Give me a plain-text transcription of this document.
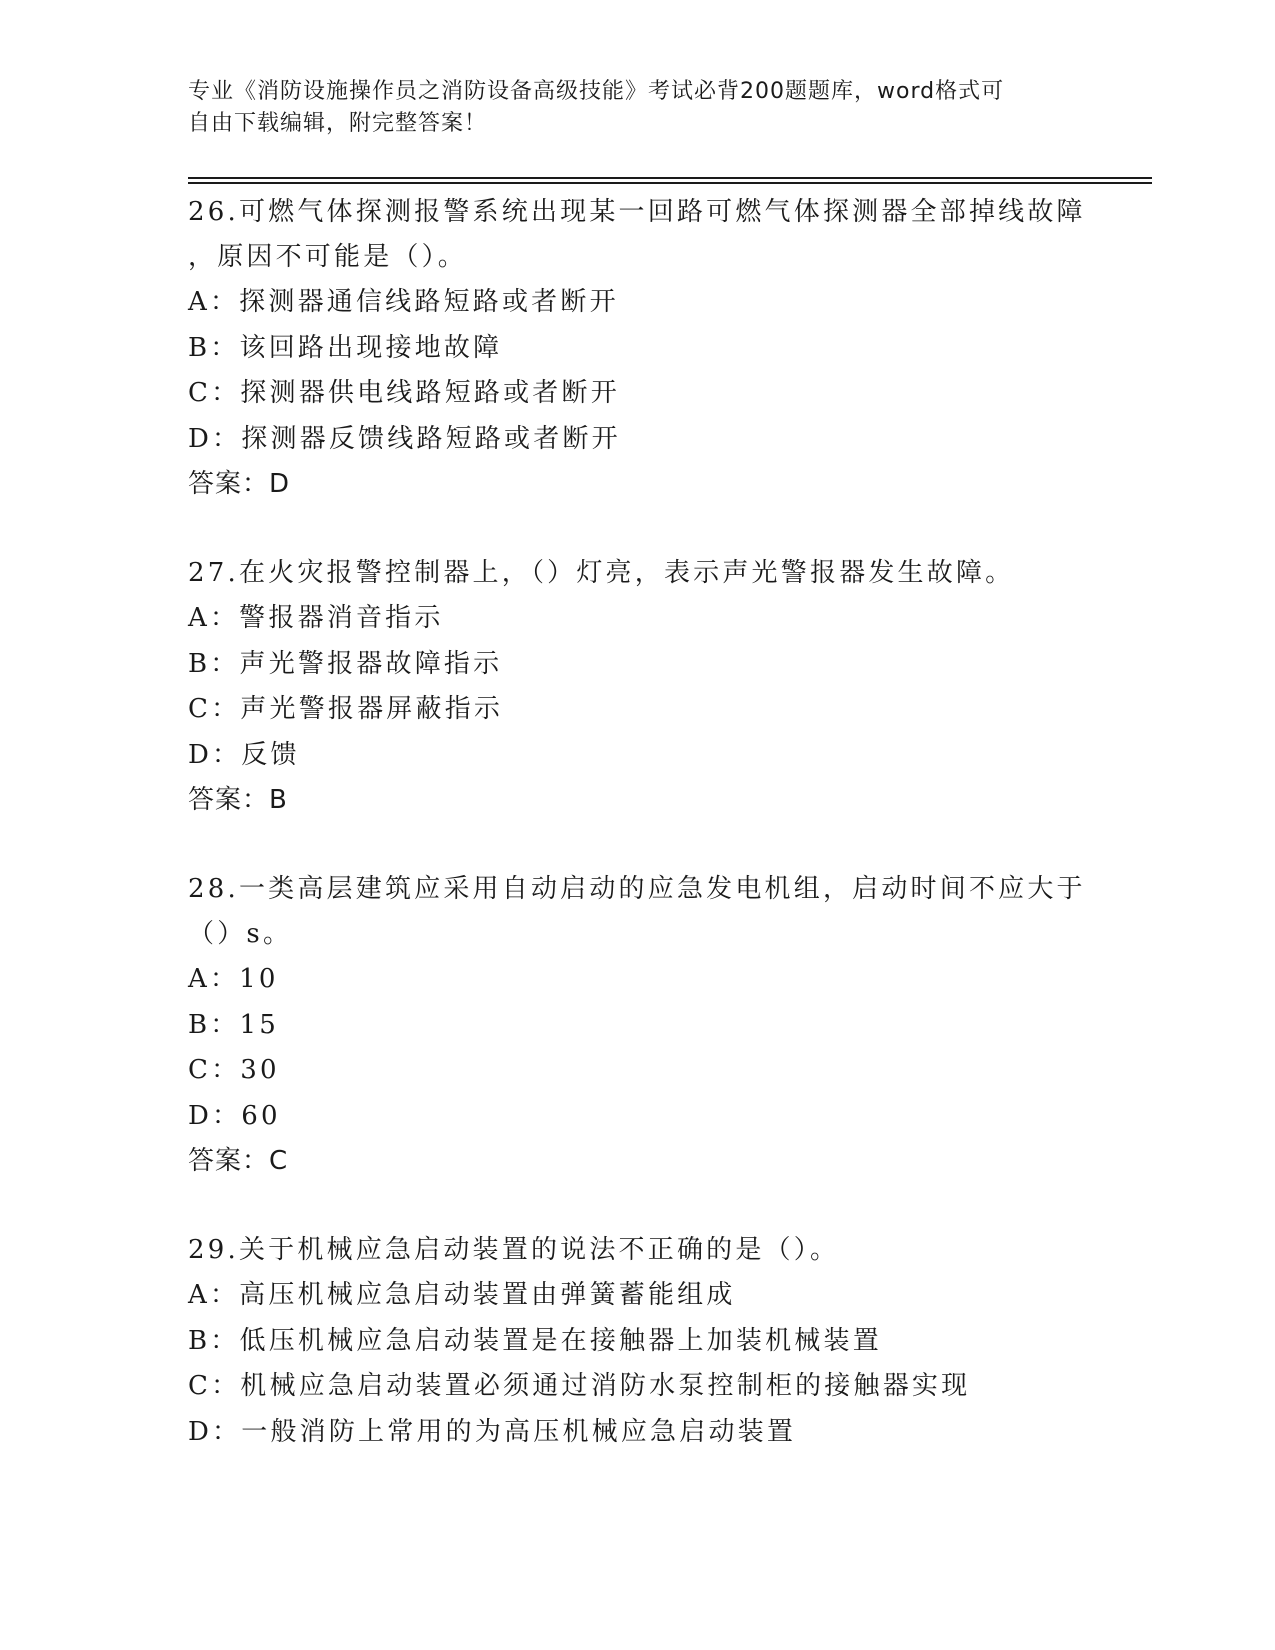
专业《消防设施操作员之消防设备高级技能》考试必背200题题库，word格式可
自由下载编辑，附完整答案！

26.可燃气体探测报警系统出现某一回路可燃气体探测器全部掉线故障
，原因不可能是（）。

A：探测器通信线路短路或者断开
B：该回路出现接地故障
C：探测器供电线路短路或者断开
D：探测器反馈线路短路或者断开
答案：D

27.在火灾报警控制器上，（）灯亮，表示声光警报器发生故障。

A：警报器消音指示
B：声光警报器故障指示
C：声光警报器屏蔽指示
D：反馈
答案：B

28.一类高层建筑应采用自动启动的应急发电机组，启动时间不应大于
（）s。

A：10
B：15
C：30
D：60
答案：C

29.关于机械应急启动装置的说法不正确的是（）。

A：高压机械应急启动装置由弹簧蓄能组成
B：低压机械应急启动装置是在接触器上加装机械装置
C：机械应急启动装置必须通过消防水泵控制柜的接触器实现
D：一般消防上常用的为高压机械应急启动装置
